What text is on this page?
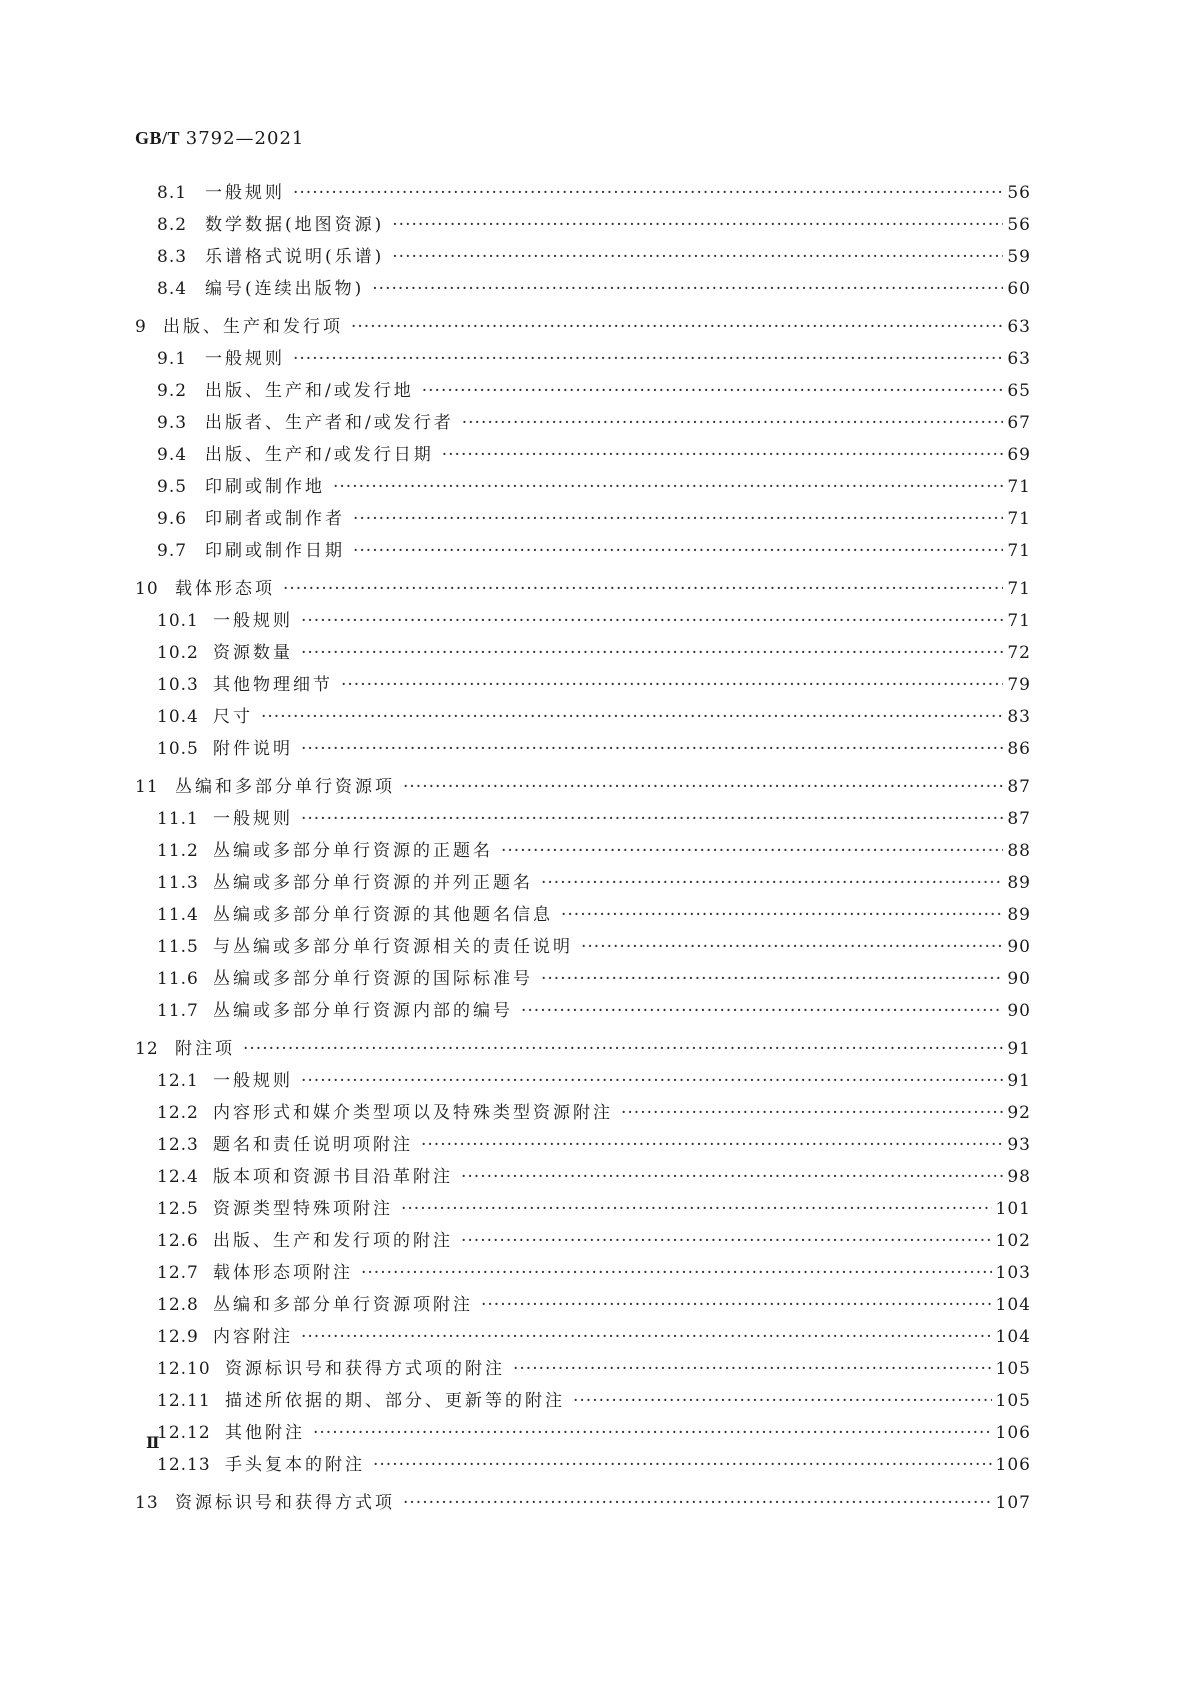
GB/T 3792—2021
8.1	一般规则 ·····	56
8.2	数学数据(地图资源) ·····	56
8.3	乐谱格式说明(乐谱) ·····	59
8.4	编号(连续出版物) ·····	60
9 出版、生产和发行项 ·····	63
9.1	一般规则 ·····	63
9.2	出版、生产和/或发行地 ·····	65
9.3	出版者、生产者和/或发行者 ·····	67
9.4	出版、生产和/或发行日期 ·····	69
9.5	印刷或制作地 ·····	71
9.6	印刷者或制作者 ·····	71
9.7	印刷或制作日期 ·····	71
10 载体形态项 ·····	71
10.1 一般规则 ·····	71
10.2 资源数量 ·····	72
10.3 其他物理细节 ·····	79
10.4 尺寸 ·····	83
10.5 附件说明 ·····	86
11 丛编和多部分单行资源项 ·····	87
11.1 一般规则 ·····	87
11.2 丛编或多部分单行资源的正题名 ·····	88
11.3 丛编或多部分单行资源的并列正题名 ·····	89
11.4 丛编或多部分单行资源的其他题名信息 ·····	89
11.5 与丛编或多部分单行资源相关的责任说明 ·····	90
11.6 丛编或多部分单行资源的国际标准号 ·····	90
11.7 丛编或多部分单行资源内部的编号 ·····	90
12 附注项 ·····	91
12.1 一般规则 ·····	91
12.2 内容形式和媒介类型项以及特殊类型资源附注 ·····	92
12.3 题名和责任说明项附注 ·····	93
12.4 版本项和资源书目沿革附注 ·····	98
12.5 资源类型特殊项附注 ·····	101
12.6 出版、生产和发行项的附注 ·····	102
12.7 载体形态项附注 ·····	103
12.8 丛编和多部分单行资源项附注 ·····	104
12.9 内容附注 ·····	104
12.10 资源标识号和获得方式项的附注 ·····	105
12.11 描述所依据的期、部分、更新等的附注 ·····	105
12.12 其他附注 ·····	106
12.13 手头复本的附注 ·····	106
13 资源标识号和获得方式项 ·····	107
Ⅱ
